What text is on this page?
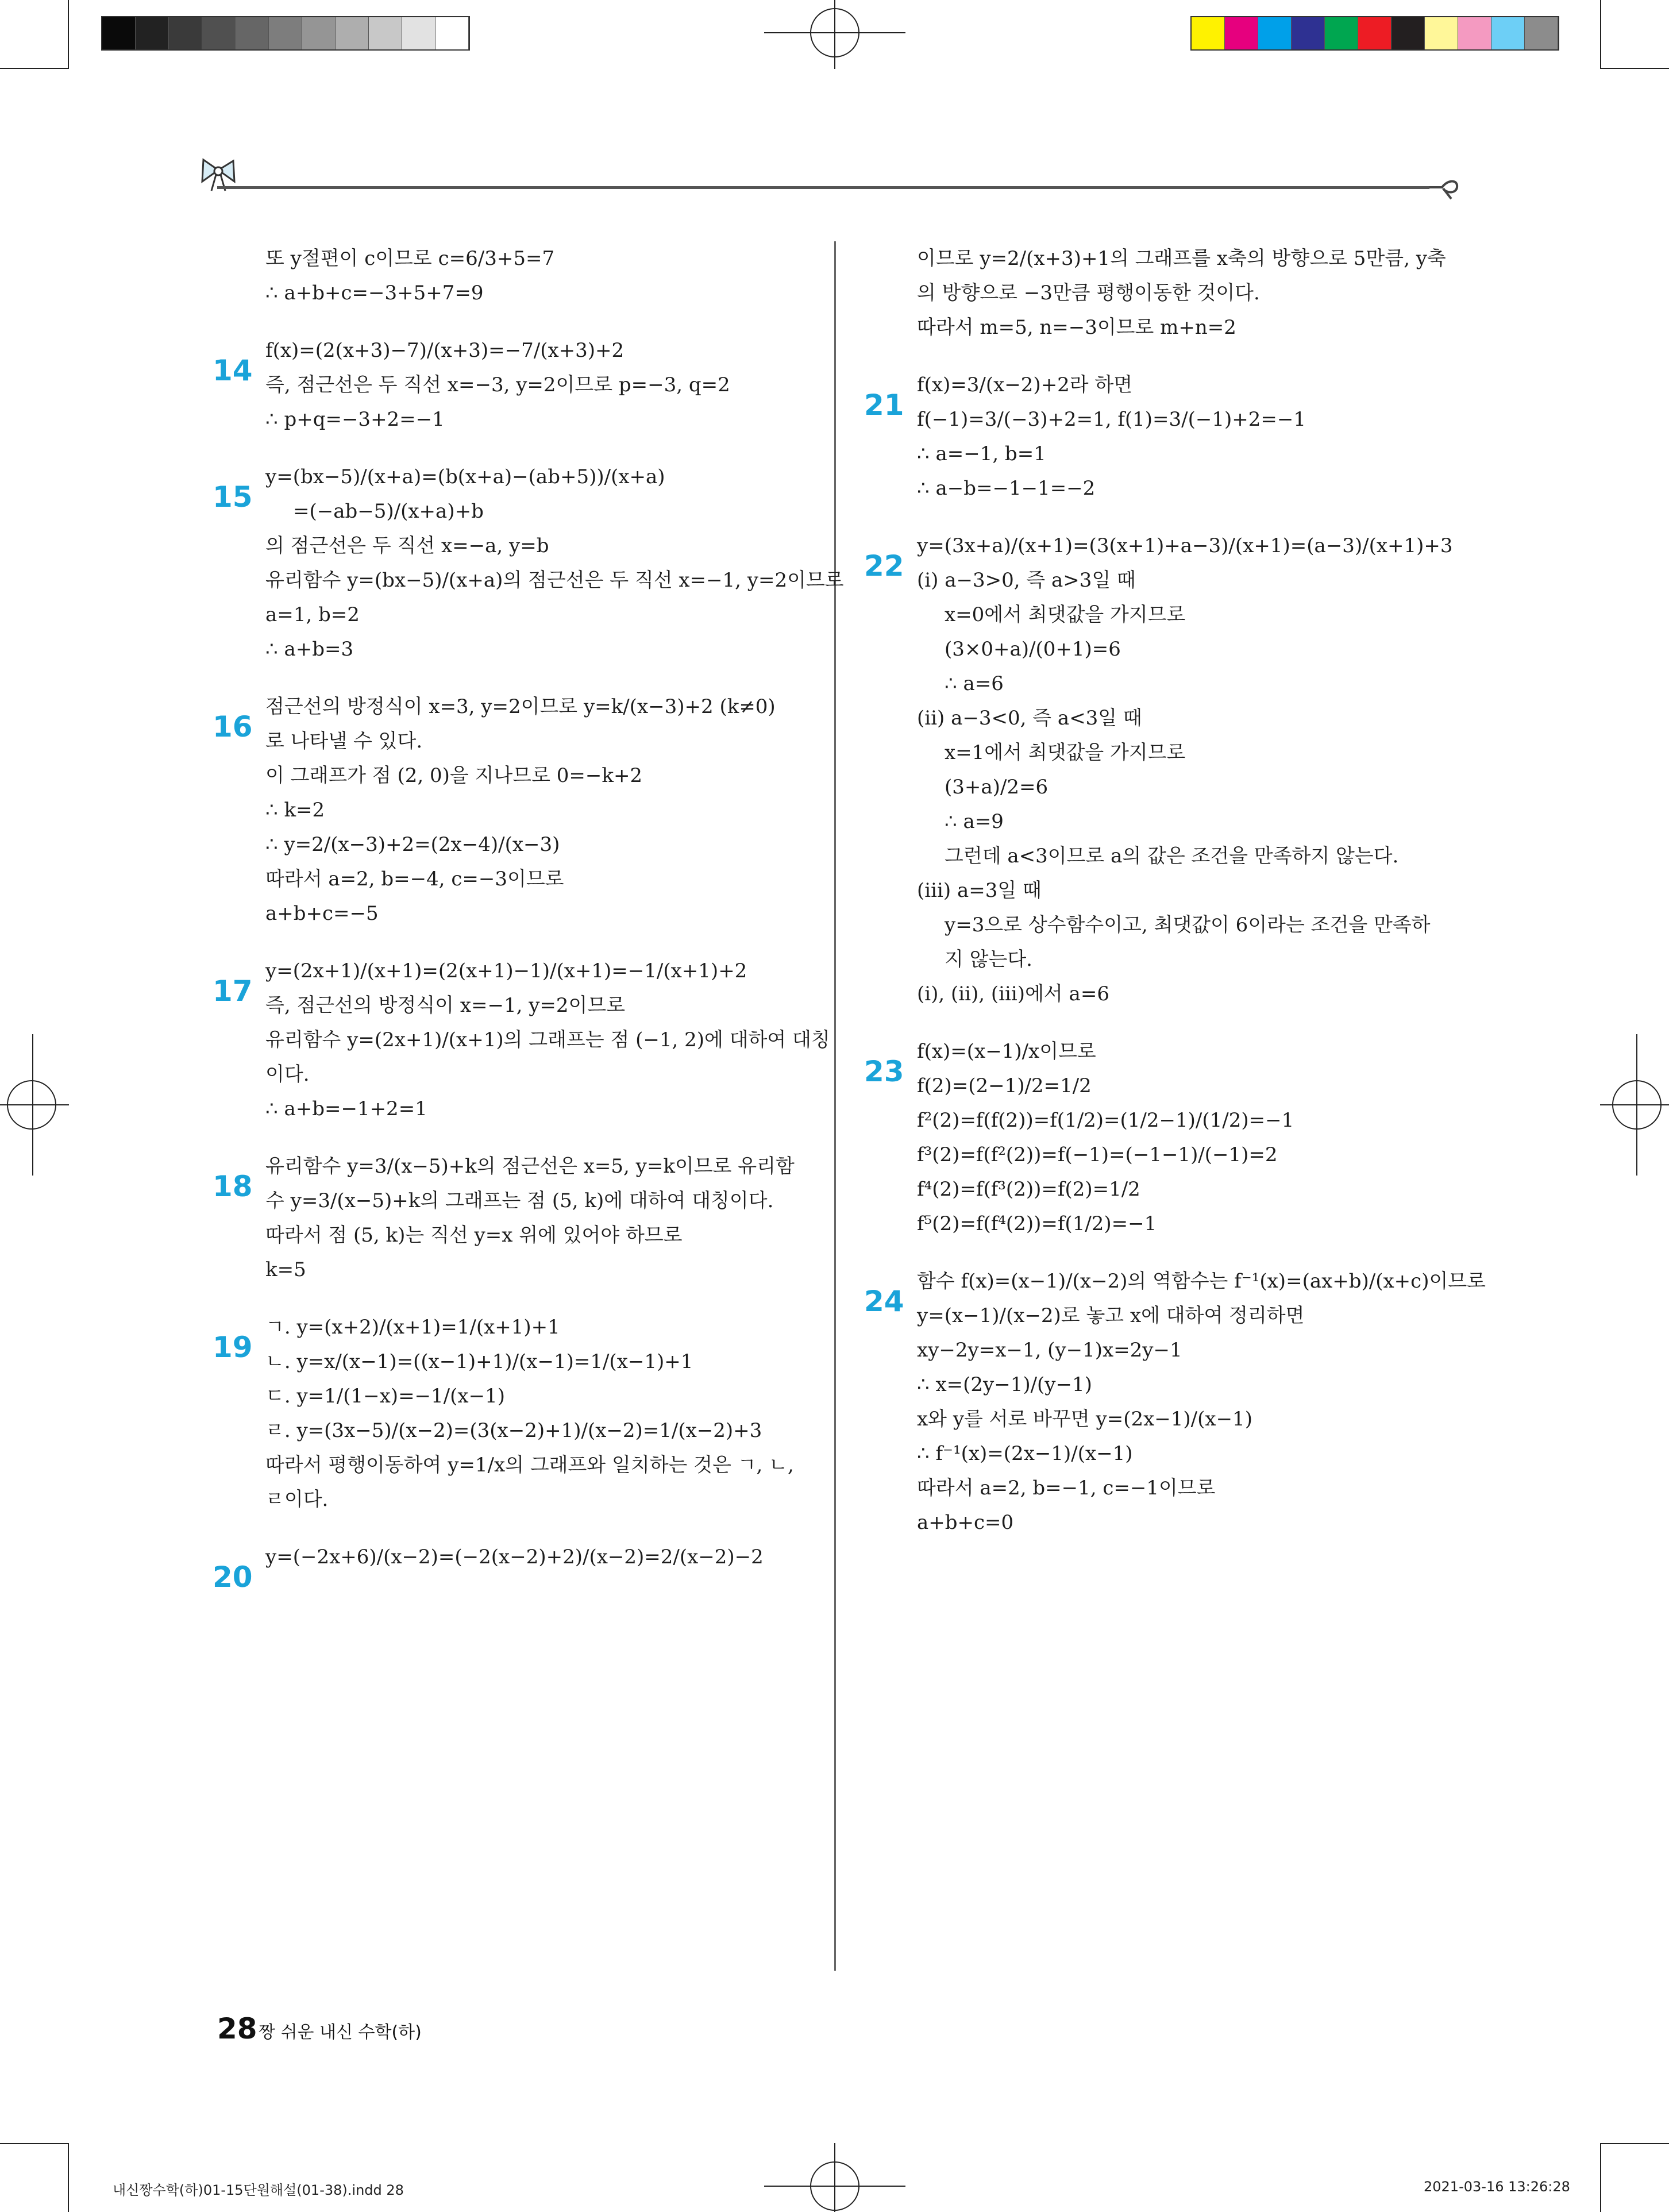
또 y절편이 c이므로 c=6/3+5=7
∴ a+b+c=−3+5+7=9
14
f(x)=(2(x+3)−7)/(x+3)=−7/(x+3)+2
즉, 점근선은 두 직선 x=−3, y=2이므로 p=−3, q=2
∴ p+q=−3+2=−1
15
y=(bx−5)/(x+a)=(b(x+a)−(ab+5))/(x+a)
=(−ab−5)/(x+a)+b
의 점근선은 두 직선 x=−a, y=b
유리함수 y=(bx−5)/(x+a)의 점근선은 두 직선 x=−1, y=2이므로
a=1, b=2
∴ a+b=3
16
점근선의 방정식이 x=3, y=2이므로 y=k/(x−3)+2 (k≠0)
로 나타낼 수 있다.
이 그래프가 점 (2, 0)을 지나므로 0=−k+2
∴ k=2
∴ y=2/(x−3)+2=(2x−4)/(x−3)
따라서 a=2, b=−4, c=−3이므로
a+b+c=−5
17
y=(2x+1)/(x+1)=(2(x+1)−1)/(x+1)=−1/(x+1)+2
즉, 점근선의 방정식이 x=−1, y=2이므로
유리함수 y=(2x+1)/(x+1)의 그래프는 점 (−1, 2)에 대하여 대칭
이다.
∴ a+b=−1+2=1
18
유리함수 y=3/(x−5)+k의 점근선은 x=5, y=k이므로 유리함
수 y=3/(x−5)+k의 그래프는 점 (5, k)에 대하여 대칭이다.
따라서 점 (5, k)는 직선 y=x 위에 있어야 하므로
k=5
19
ㄱ. y=(x+2)/(x+1)=1/(x+1)+1
ㄴ. y=x/(x−1)=((x−1)+1)/(x−1)=1/(x−1)+1
ㄷ. y=1/(1−x)=−1/(x−1)
ㄹ. y=(3x−5)/(x−2)=(3(x−2)+1)/(x−2)=1/(x−2)+3
따라서 평행이동하여 y=1/x의 그래프와 일치하는 것은 ㄱ, ㄴ,
ㄹ이다.
20
y=(−2x+6)/(x−2)=(−2(x−2)+2)/(x−2)=2/(x−2)−2
이므로 y=2/(x+3)+1의 그래프를 x축의 방향으로 5만큼, y축
의 방향으로 −3만큼 평행이동한 것이다.
따라서 m=5, n=−3이므로 m+n=2
21
f(x)=3/(x−2)+2라 하면
f(−1)=3/(−3)+2=1, f(1)=3/(−1)+2=−1
∴ a=−1, b=1
∴ a−b=−1−1=−2
22
y=(3x+a)/(x+1)=(3(x+1)+a−3)/(x+1)=(a−3)/(x+1)+3
(ⅰ) a−3>0, 즉 a>3일 때
x=0에서 최댓값을 가지므로
(3×0+a)/(0+1)=6
∴ a=6
(ⅱ) a−3<0, 즉 a<3일 때
x=1에서 최댓값을 가지므로
(3+a)/2=6
∴ a=9
그런데 a<3이므로 a의 값은 조건을 만족하지 않는다.
(ⅲ) a=3일 때
y=3으로 상수함수이고, 최댓값이 6이라는 조건을 만족하
지 않는다.
(ⅰ), (ⅱ), (ⅲ)에서 a=6
23
f(x)=(x−1)/x이므로
f(2)=(2−1)/2=1/2
f²(2)=f(f(2))=f(1/2)=(1/2−1)/(1/2)=−1
f³(2)=f(f²(2))=f(−1)=(−1−1)/(−1)=2
f⁴(2)=f(f³(2))=f(2)=1/2
f⁵(2)=f(f⁴(2))=f(1/2)=−1
24
함수 f(x)=(x−1)/(x−2)의 역함수는 f⁻¹(x)=(ax+b)/(x+c)이므로
y=(x−1)/(x−2)로 놓고 x에 대하여 정리하면
xy−2y=x−1, (y−1)x=2y−1
∴ x=(2y−1)/(y−1)
x와 y를 서로 바꾸면 y=(2x−1)/(x−1)
∴ f⁻¹(x)=(2x−1)/(x−1)
따라서 a=2, b=−1, c=−1이므로
a+b+c=0
28 짱 쉬운 내신 수학(하)
내신짱수학(하)01-15단원해설(01-38).indd 28	2021-03-16 13:26:28
